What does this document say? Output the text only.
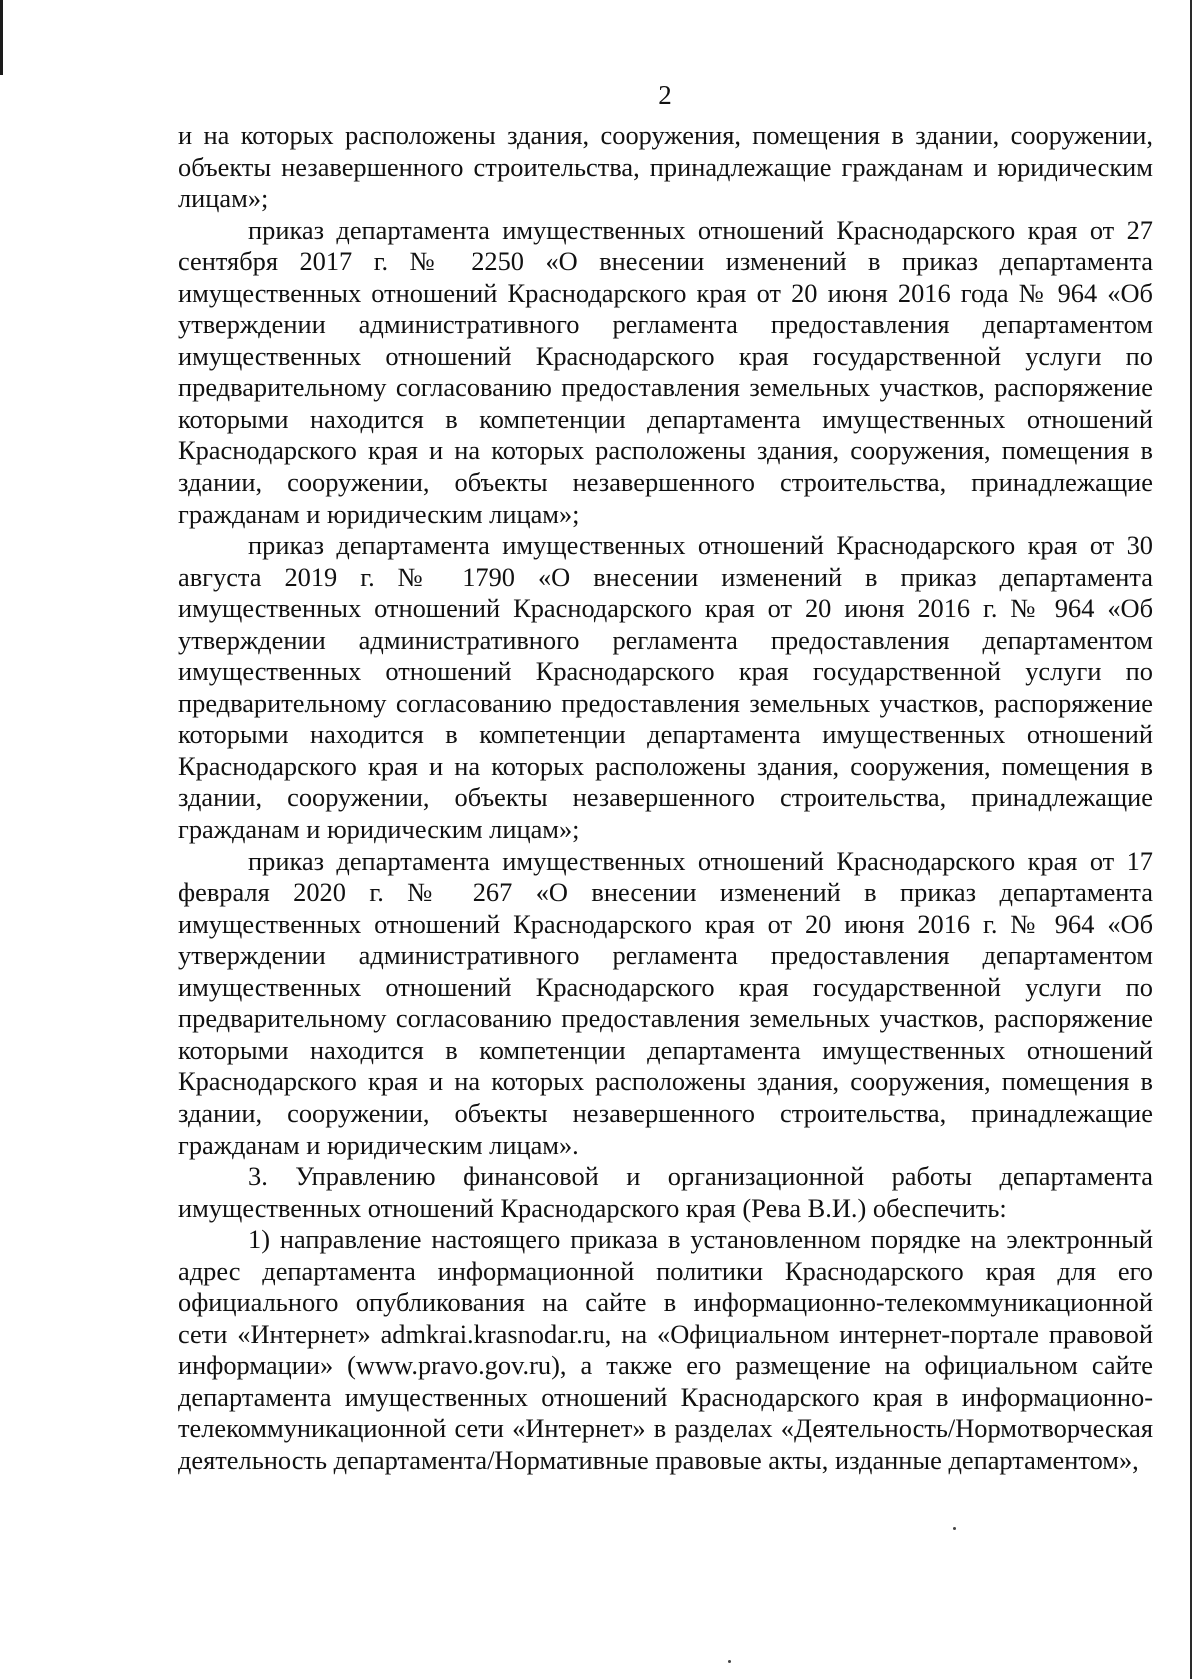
2

и на которых расположены здания, сооружения, помещения в здании, сооружении, объекты незавершенного строительства, принадлежащие гражданам и юридическим лицам»;

приказ департамента имущественных отношений Краснодарского края от 27 сентября 2017 г. № 2250 «О внесении изменений в приказ департамента имущественных отношений Краснодарского края от 20 июня 2016 года № 964 «Об утверждении административного регламента предоставления департаментом имущественных отношений Краснодарского края государственной услуги по предварительному согласованию предоставления земельных участков, распоряжение которыми находится в компетенции департамента имущественных отношений Краснодарского края и на которых расположены здания, сооружения, помещения в здании, сооружении, объекты незавершенного строительства, принадлежащие гражданам и юридическим лицам»;

приказ департамента имущественных отношений Краснодарского края от 30 августа 2019 г. № 1790 «О внесении изменений в приказ департамента имущественных отношений Краснодарского края от 20 июня 2016 г. № 964 «Об утверждении административного регламента предоставления департаментом имущественных отношений Краснодарского края государственной услуги по предварительному согласованию предоставления земельных участков, распоряжение которыми находится в компетенции департамента имущественных отношений Краснодарского края и на которых расположены здания, сооружения, помещения в здании, сооружении, объекты незавершенного строительства, принадлежащие гражданам и юридическим лицам»;

приказ департамента имущественных отношений Краснодарского края от 17 февраля 2020 г. № 267 «О внесении изменений в приказ департамента имущественных отношений Краснодарского края от 20 июня 2016 г. № 964 «Об утверждении административного регламента предоставления департаментом имущественных отношений Краснодарского края государственной услуги по предварительному согласованию предоставления земельных участков, распоряжение которыми находится в компетенции департамента имущественных отношений Краснодарского края и на которых расположены здания, сооружения, помещения в здании, сооружении, объекты незавершенного строительства, принадлежащие гражданам и юридическим лицам».

3. Управлению финансовой и организационной работы департамента имущественных отношений Краснодарского края (Рева В.И.) обеспечить:

1) направление настоящего приказа в установленном порядке на электронный адрес департамента информационной политики Краснодарского края для его официального опубликования на сайте в информационно-телекоммуникационной сети «Интернет» admkrai.krasnodar.ru, на «Официальном интернет-портале правовой информации» (www.pravo.gov.ru), а также его размещение на официальном сайте департамента имущественных отношений Краснодарского края в информационно-телекоммуникационной сети «Интернет» в разделах «Деятельность/Нормотворческая деятельность департамента/Нормативные правовые акты, изданные департаментом»,
